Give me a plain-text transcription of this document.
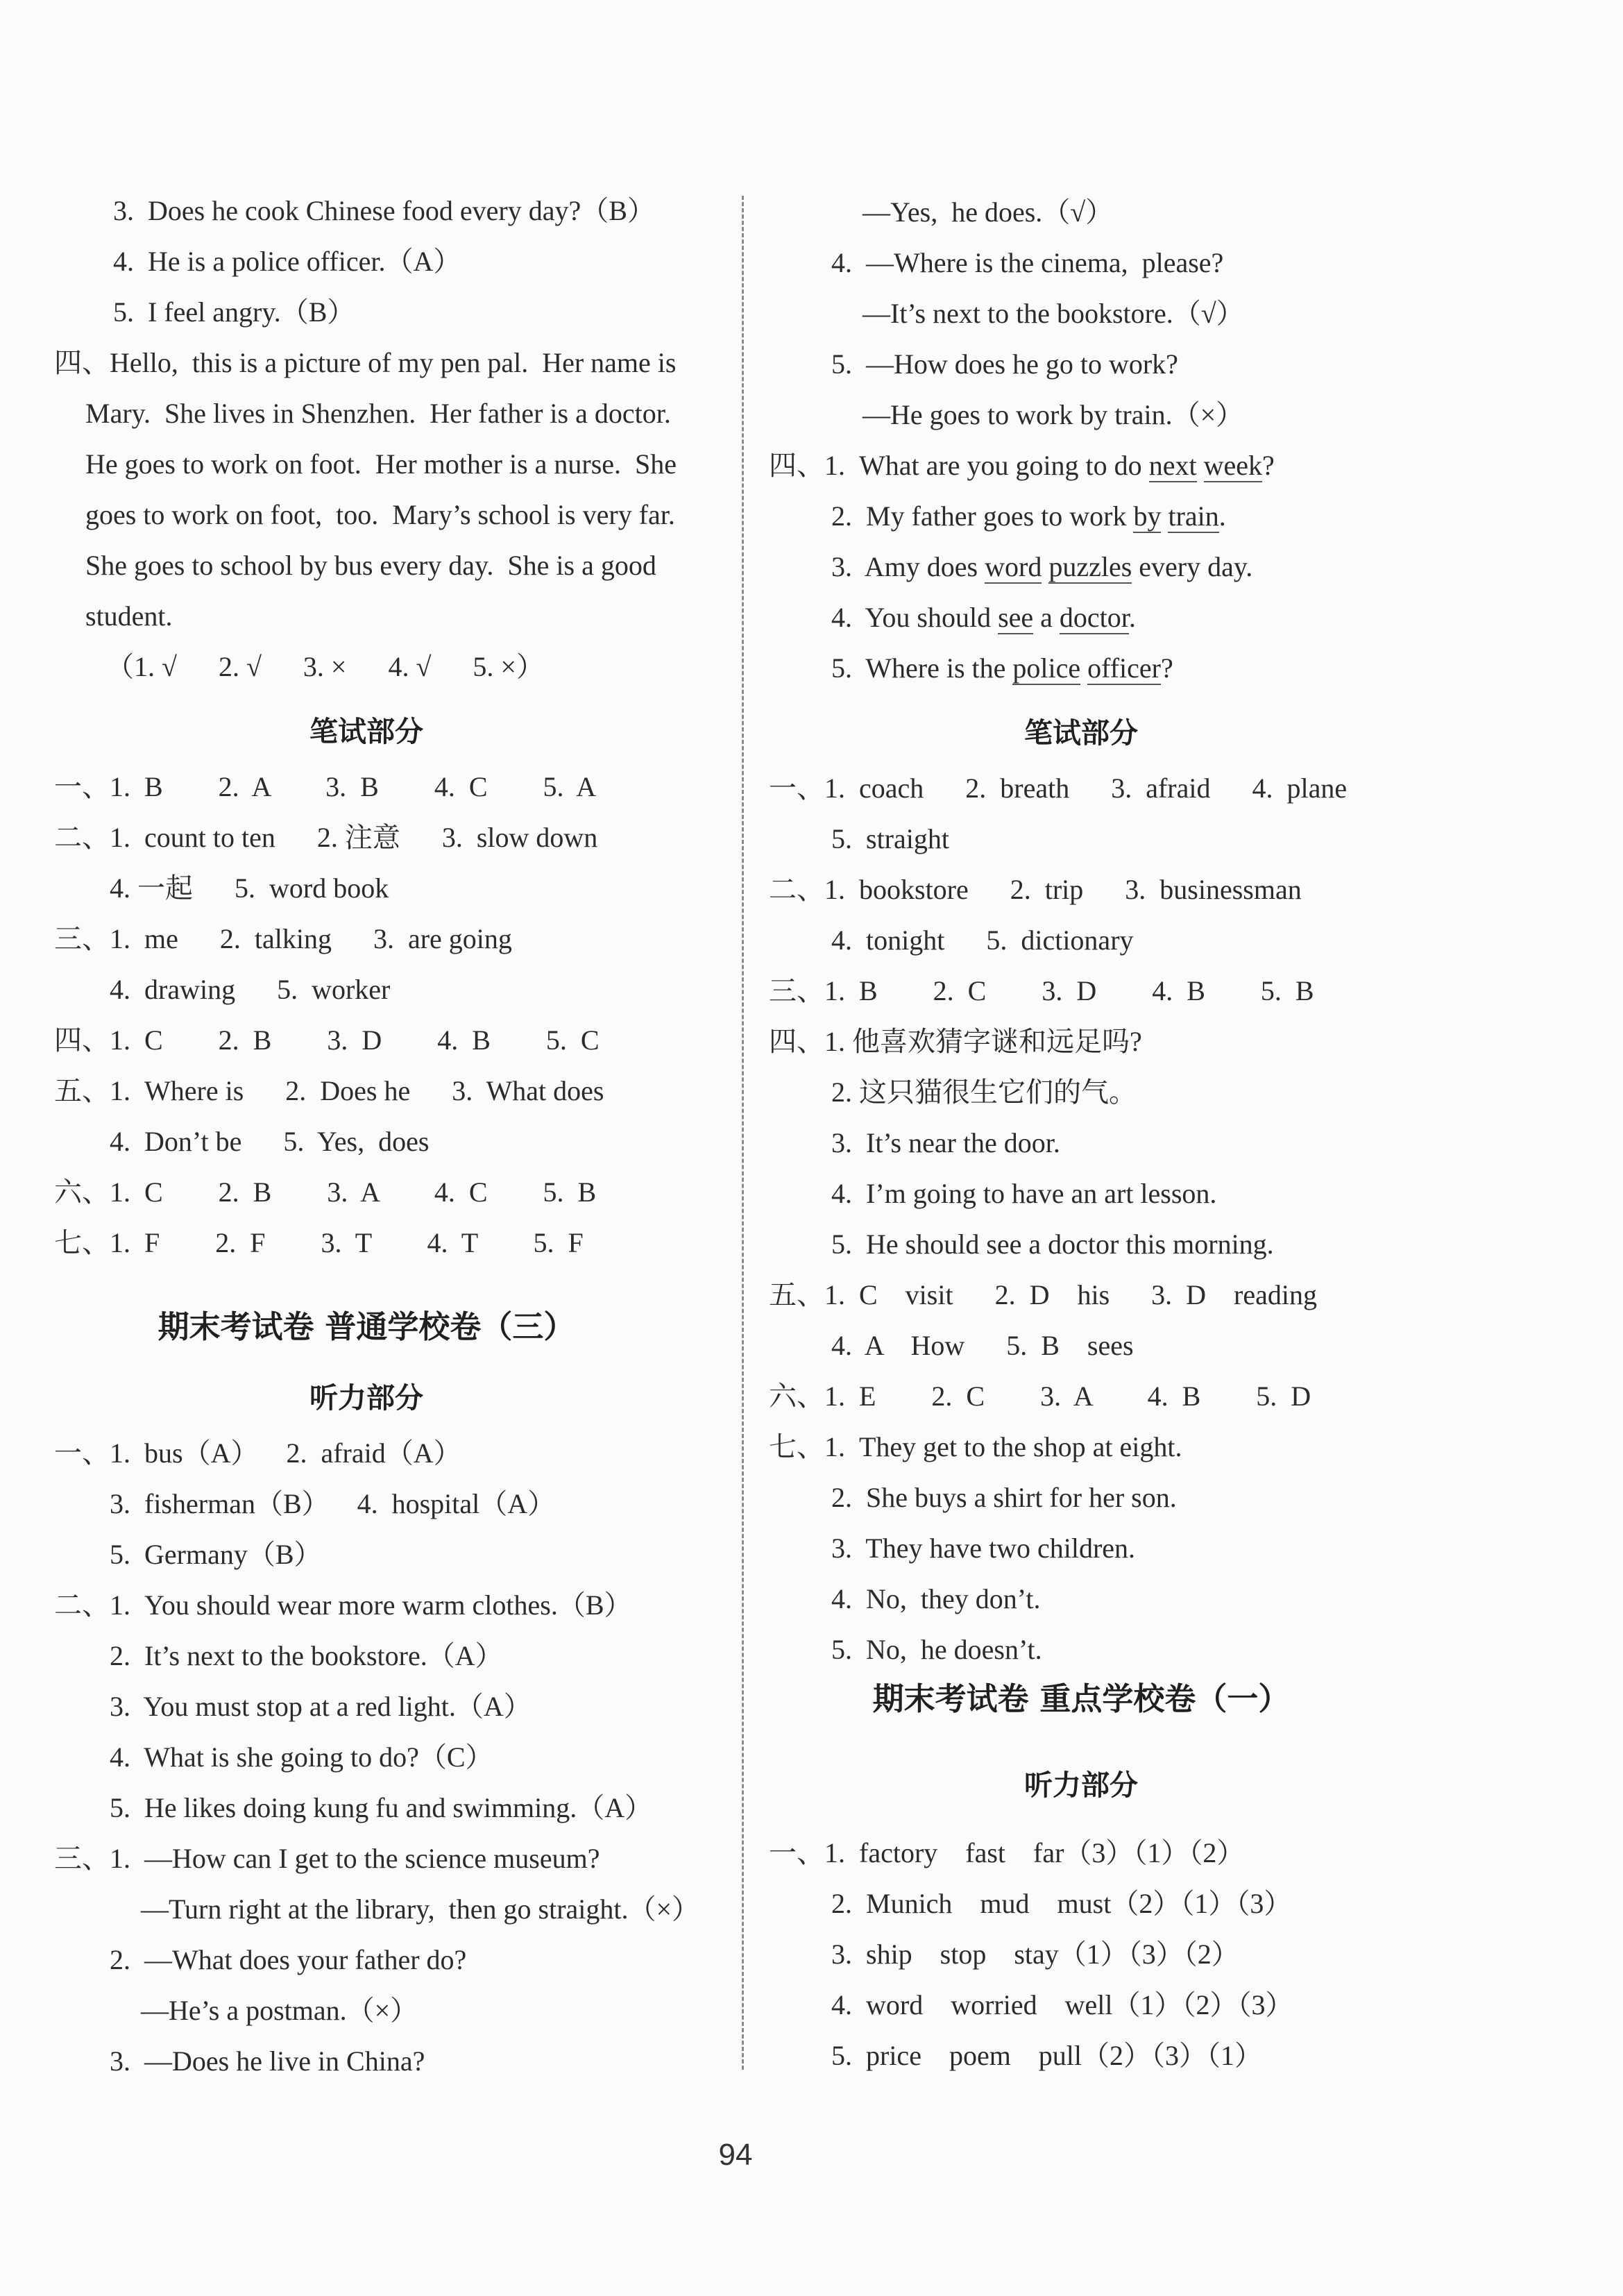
3.  Does he cook Chinese food every day?（B）
4.  He is a police officer.（A）
5.  I feel angry.（B）
四、Hello,  this is a picture of my pen pal.  Her name is
Mary.  She lives in Shenzhen.  Her father is a doctor.
He goes to work on foot.  Her mother is a nurse.  She
goes to work on foot,  too.  Mary’s school is very far.
She goes to school by bus every day.  She is a good
student.
（1. √      2. √      3. ×      4. √      5. ×）
笔试部分
一、1.  B        2.  A        3.  B        4.  C        5.  A
二、1.  count to ten      2. 注意      3.  slow down
4. 一起      5.  word book
三、1.  me      2.  talking      3.  are going
4.  drawing      5.  worker
四、1.  C        2.  B        3.  D        4.  B        5.  C
五、1.  Where is      2.  Does he      3.  What does
4.  Don’t be      5.  Yes,  does
六、1.  C        2.  B        3.  A        4.  C        5.  B
七、1.  F        2.  F        3.  T        4.  T        5.  F
期末考试卷 普通学校卷（三）
听力部分
一、1.  bus（A）    2.  afraid（A）
3.  fisherman（B）    4.  hospital（A）
5.  Germany（B）
二、1.  You should wear more warm clothes.（B）
2.  It’s next to the bookstore.（A）
3.  You must stop at a red light.（A）
4.  What is she going to do?（C）
5.  He likes doing kung fu and swimming.（A）
三、1.  —How can I get to the science museum?
—Turn right at the library,  then go straight.（×）
2.  —What does your father do?
—He’s a postman.（×）
3.  —Does he live in China?
—Yes,  he does.（√）
4.  —Where is the cinema,  please?
—It’s next to the bookstore.（√）
5.  —How does he go to work?
—He goes to work by train.（×）
四、1.  What are you going to do next week?
2.  My father goes to work by train.
3.  Amy does word puzzles every day.
4.  You should see a doctor.
5.  Where is the police officer?
笔试部分
一、1.  coach      2.  breath      3.  afraid      4.  plane
5.  straight
二、1.  bookstore      2.  trip      3.  businessman
4.  tonight      5.  dictionary
三、1.  B        2.  C        3.  D        4.  B        5.  B
四、1. 他喜欢猜字谜和远足吗?
2. 这只猫很生它们的气。
3.  It’s near the door.
4.  I’m going to have an art lesson.
5.  He should see a doctor this morning.
五、1.  C    visit      2.  D    his      3.  D    reading
4.  A    How      5.  B    sees
六、1.  E        2.  C        3.  A        4.  B        5.  D
七、1.  They get to the shop at eight.
2.  She buys a shirt for her son.
3.  They have two children.
4.  No,  they don’t.
5.  No,  he doesn’t.
期末考试卷 重点学校卷（一）
听力部分
一、1.  factory    fast    far（3）（1）（2）
2.  Munich    mud    must（2）（1）（3）
3.  ship    stop    stay（1）（3）（2）
4.  word    worried    well（1）（2）（3）
5.  price    poem    pull（2）（3）（1）
94
